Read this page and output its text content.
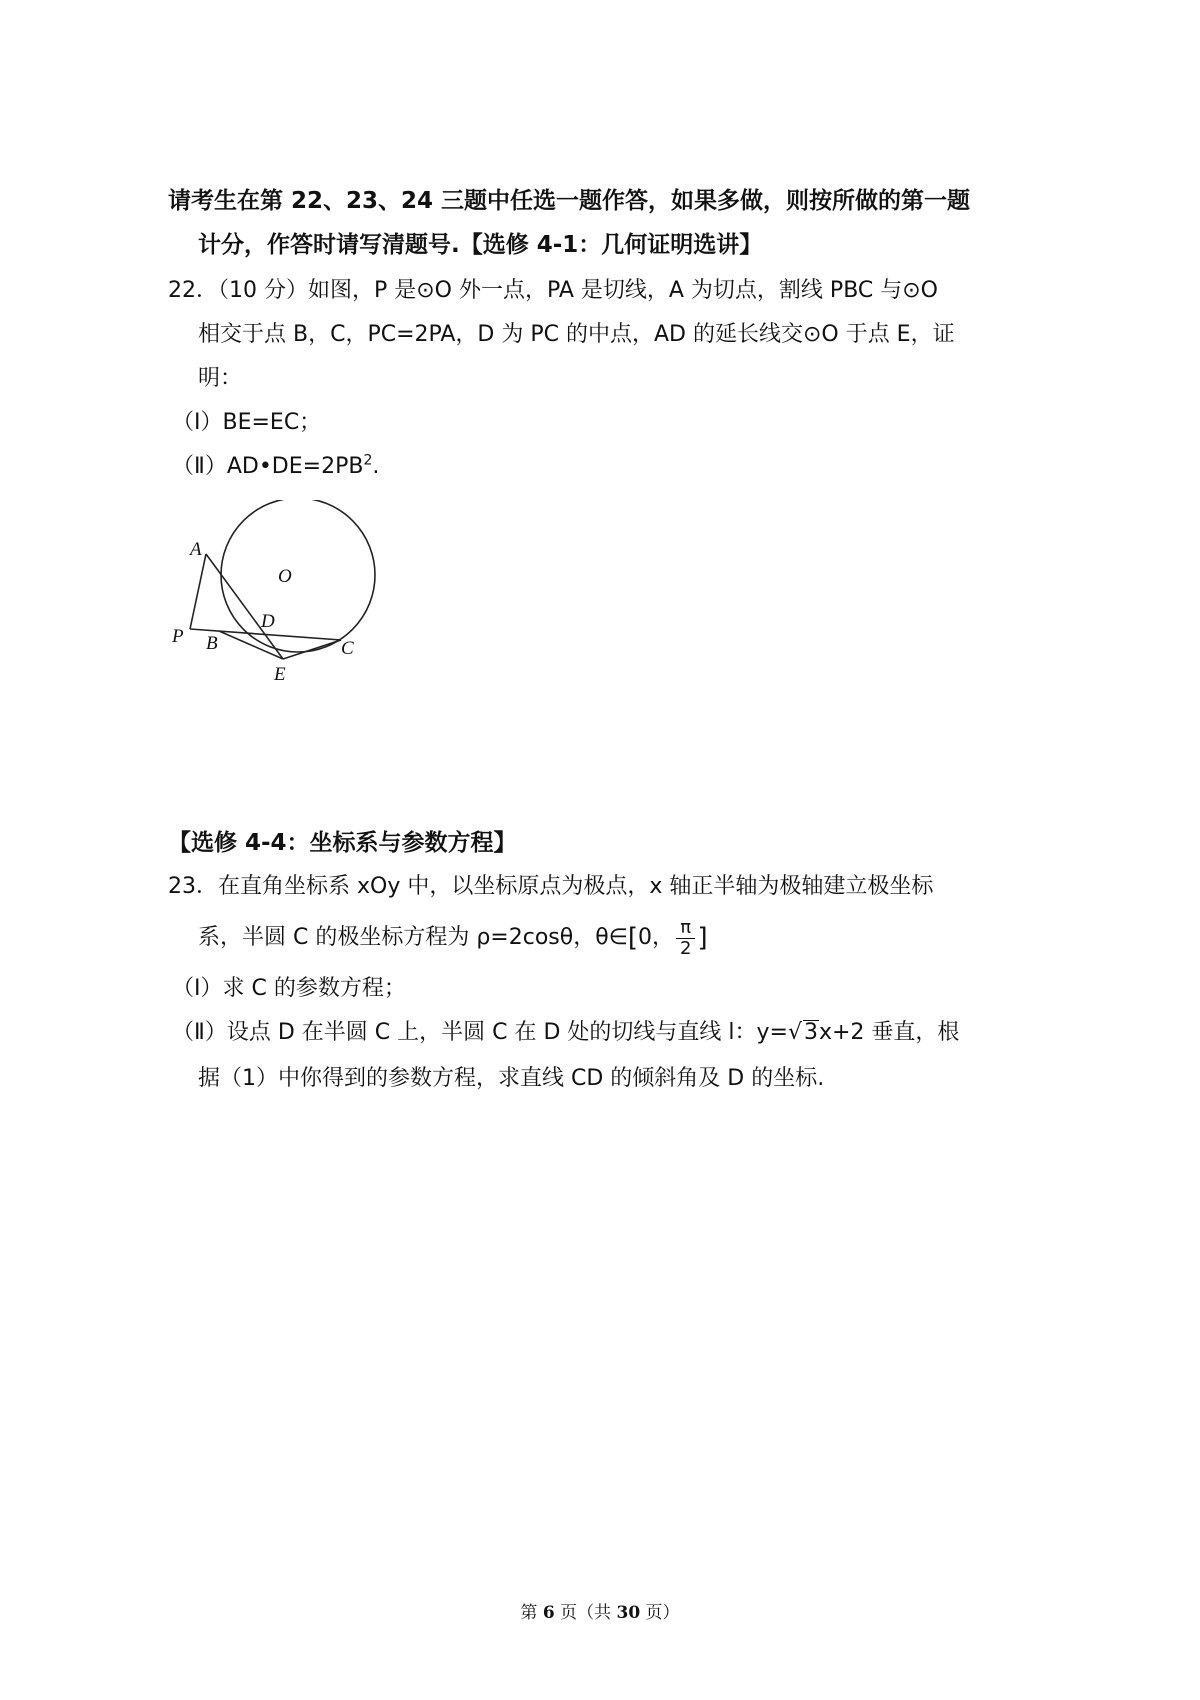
请考生在第 22、23、24 三题中任选一题作答，如果多做，则按所做的第一题
计分，作答时请写清题号.【选修 4-1：几何证明选讲】
22．（10 分）如图，P 是⊙O 外一点，PA 是切线，A 为切点，割线 PBC 与⊙O
相交于点 B，C，PC=2PA，D 为 PC 的中点，AD 的延长线交⊙O 于点 E，证
明：
（Ⅰ）BE=EC；
$(Ⅱ)AD•DE=2PB^2$.
A
O
D
P B	C
E
【选修 4-4：坐标系与参数方程】
23．在直角坐标系 xOy 中，以坐标原点为极点，x 轴正半轴为极轴建立极坐标
系，半圆 C 的极坐标方程为 ρ=2cosθ，θ∈[0， $\frac{\pi}{2}$ ]
（Ⅰ）求 C 的参数方程；
（Ⅱ）设点 D 在半圆 C 上，半圆 C 在 D 处的切线与直线 l：y=√3x+2 垂直，根
据（1）中你得到的参数方程，求直线 CD 的倾斜角及 D 的坐标.
第 6 页（共 30 页）
